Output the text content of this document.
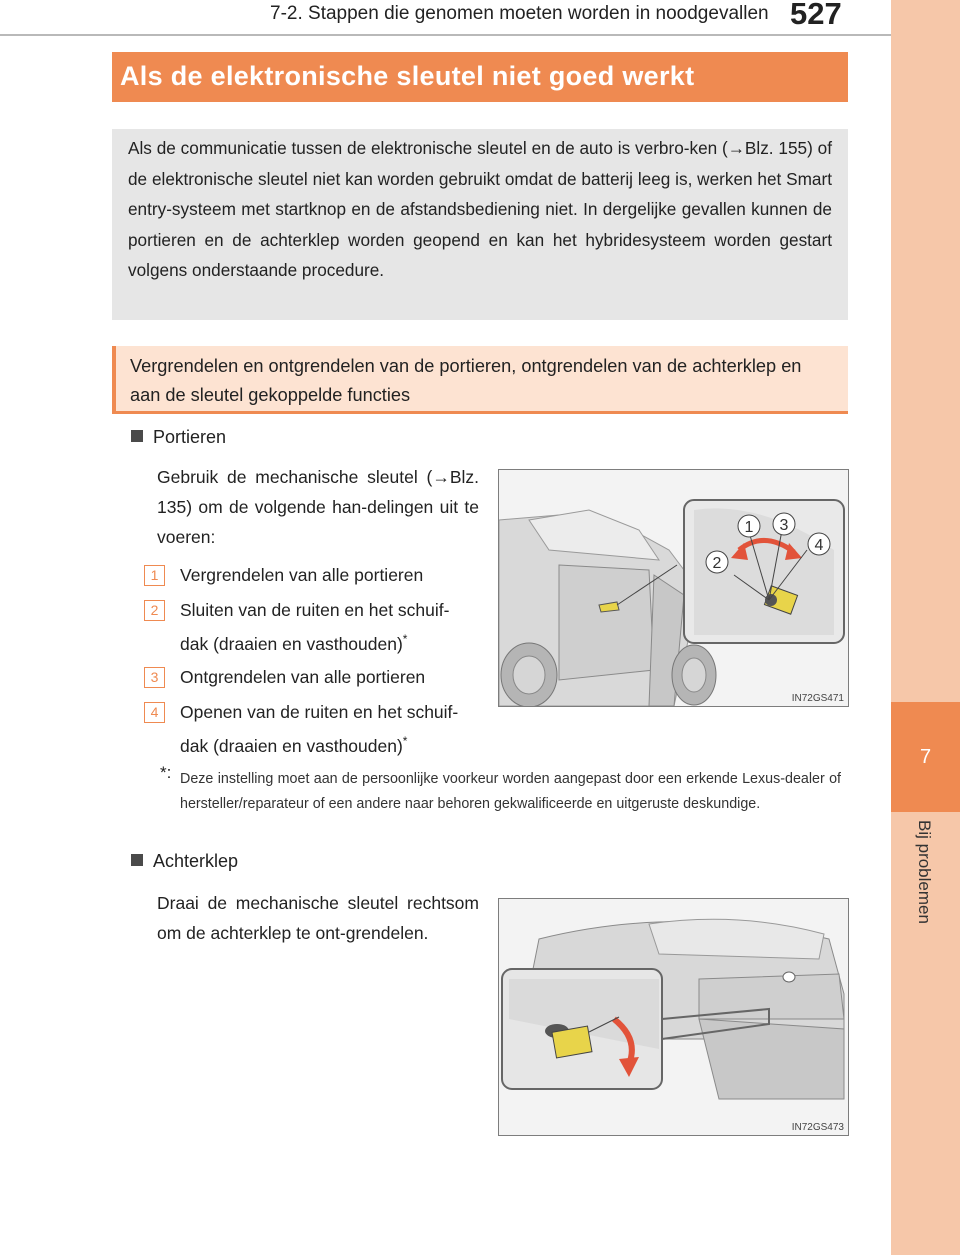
7
Bij problemen
7-2. Stappen die genomen moeten worden in noodgevallen 527
Als de elektronische sleutel niet goed werkt

Als de communicatie tussen de elektronische sleutel en de auto is verbro-ken (→Blz. 155) of de elektronische sleutel niet kan worden gebruikt omdat de batterij leeg is, werken het Smart entry-systeem met startknop en de afstandsbediening niet. In dergelijke gevallen kunnen de portieren en de achterklep worden geopend en kan het hybridesysteem worden gestart volgens onderstaande procedure.

Vergrendelen en ontgrendelen van de portieren, ontgrendelen van de achterklep en aan de sleutel gekoppelde functies

Portieren
Gebruik de mechanische sleutel (→Blz. 135) om de volgende han-delingen uit te voeren:
1	Vergrendelen van alle portieren
2	Sluiten van de ruiten en het schuif-dak (draaien en vasthouden)*
3	Ontgrendelen van alle portieren
4	Openen van de ruiten en het schuif-dak (draaien en vasthouden)*
*: Deze instelling moet aan de persoonlijke voorkeur worden aangepast door een erkende Lexus-dealer of hersteller/reparateur of een andere naar behoren gekwalificeerde en uitgeruste deskundige.
1
2
3
4
IN72GS471
Achterklep
Draai de mechanische sleutel rechtsom om de achterklep te ont-grendelen.
IN72GS473
